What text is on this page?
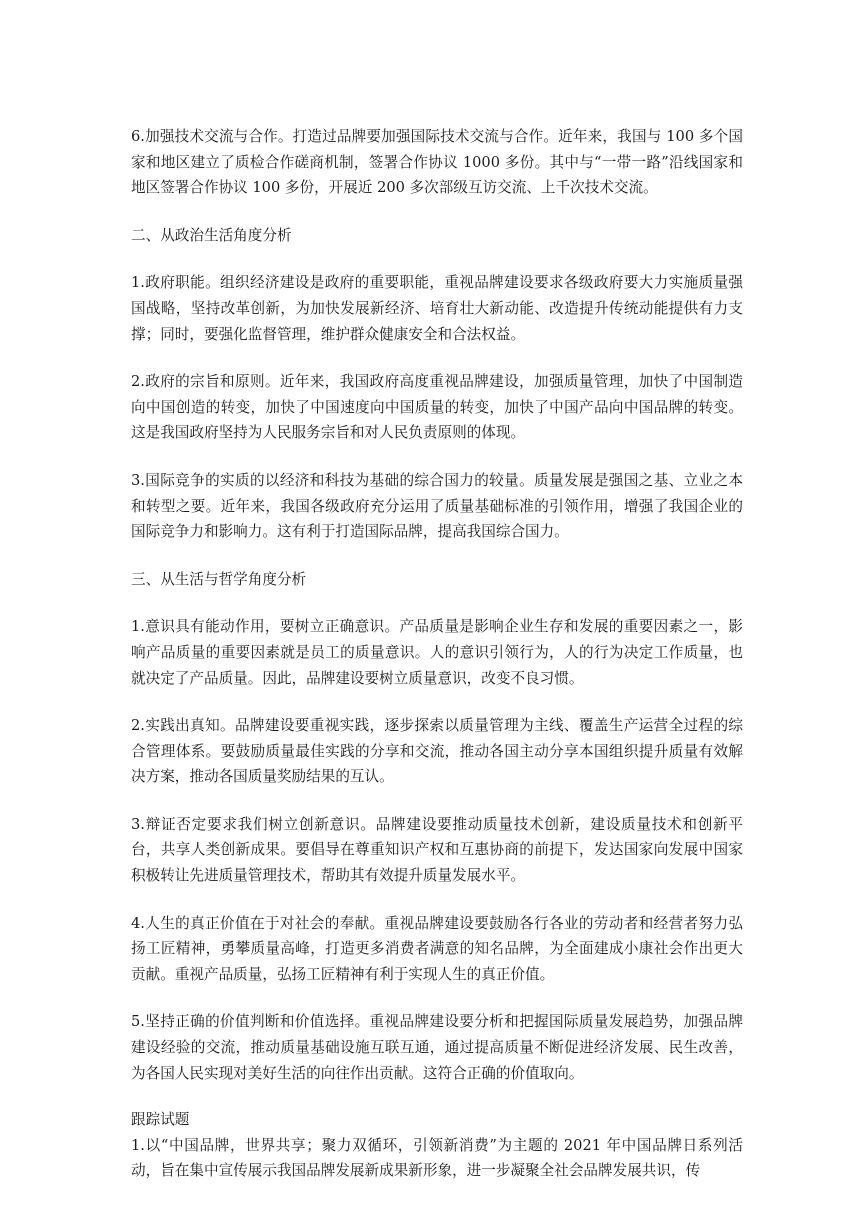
6.加强技术交流与合作。打造过品牌要加强国际技术交流与合作。近年来，我国与 100 多个国家和地区建立了质检合作磋商机制，签署合作协议 1000 多份。其中与“一带一路”沿线国家和地区签署合作协议 100 多份，开展近 200 多次部级互访交流、上千次技术交流。

二、从政治生活角度分析

1.政府职能。组织经济建设是政府的重要职能，重视品牌建设要求各级政府要大力实施质量强国战略，坚持改革创新，为加快发展新经济、培育壮大新动能、改造提升传统动能提供有力支撑；同时，要强化监督管理，维护群众健康安全和合法权益。

2.政府的宗旨和原则。近年来，我国政府高度重视品牌建设，加强质量管理，加快了中国制造向中国创造的转变，加快了中国速度向中国质量的转变，加快了中国产品向中国品牌的转变。这是我国政府坚持为人民服务宗旨和对人民负责原则的体现。

3.国际竞争的实质的以经济和科技为基础的综合国力的较量。质量发展是强国之基、立业之本和转型之要。近年来，我国各级政府充分运用了质量基础标准的引领作用，增强了我国企业的国际竞争力和影响力。这有利于打造国际品牌，提高我国综合国力。

三、从生活与哲学角度分析

1.意识具有能动作用，要树立正确意识。产品质量是影响企业生存和发展的重要因素之一，影响产品质量的重要因素就是员工的质量意识。人的意识引领行为，人的行为决定工作质量，也就决定了产品质量。因此，品牌建设要树立质量意识，改变不良习惯。

2.实践出真知。品牌建设要重视实践，逐步探索以质量管理为主线、覆盖生产运营全过程的综合管理体系。要鼓励质量最佳实践的分享和交流，推动各国主动分享本国组织提升质量有效解决方案，推动各国质量奖励结果的互认。

3.辩证否定要求我们树立创新意识。品牌建设要推动质量技术创新，建设质量技术和创新平台，共享人类创新成果。要倡导在尊重知识产权和互惠协商的前提下，发达国家向发展中国家积极转让先进质量管理技术，帮助其有效提升质量发展水平。

4.人生的真正价值在于对社会的奉献。重视品牌建设要鼓励各行各业的劳动者和经营者努力弘扬工匠精神，勇攀质量高峰，打造更多消费者满意的知名品牌，为全面建成小康社会作出更大贡献。重视产品质量，弘扬工匠精神有利于实现人生的真正价值。

5.坚持正确的价值判断和价值选择。重视品牌建设要分析和把握国际质量发展趋势，加强品牌建设经验的交流，推动质量基础设施互联互通，通过提高质量不断促进经济发展、民生改善，为各国人民实现对美好生活的向往作出贡献。这符合正确的价值取向。

跟踪试题

1.以“中国品牌，世界共享；聚力双循环，引领新消费”为主题的 2021 年中国品牌日系列活动，旨在集中宣传展示我国品牌发展新成果新形象，进一步凝聚全社会品牌发展共识，传
